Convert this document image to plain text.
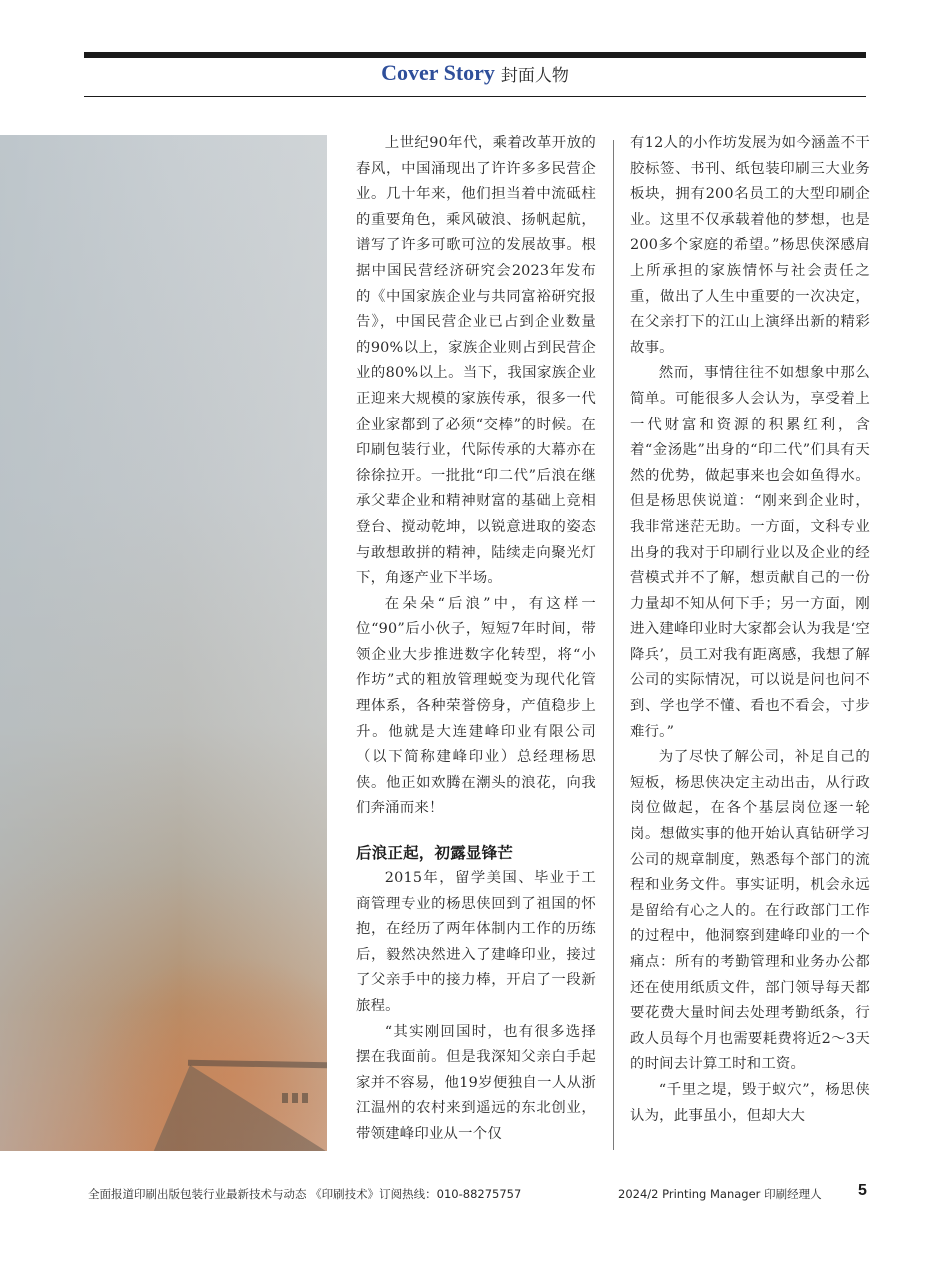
Cover Story 封面人物

上世纪90年代，乘着改革开放的春风，中国涌现出了许许多多民营企业。几十年来，他们担当着中流砥柱的重要角色，乘风破浪、扬帆起航，谱写了许多可歌可泣的发展故事。根据中国民营经济研究会2023年发布的《中国家族企业与共同富裕研究报告》，中国民营企业已占到企业数量的90%以上，家族企业则占到民营企业的80%以上。当下，我国家族企业正迎来大规模的家族传承，很多一代企业家都到了必须“交棒”的时候。在印刷包装行业，代际传承的大幕亦在徐徐拉开。一批批“印二代”后浪在继承父辈企业和精神财富的基础上竞相登台、搅动乾坤，以锐意进取的姿态与敢想敢拼的精神，陆续走向聚光灯下，角逐产业下半场。

在朵朵“后浪”中，有这样一位“90”后小伙子，短短7年时间，带领企业大步推进数字化转型，将“小作坊”式的粗放管理蜕变为现代化管理体系，各种荣誉傍身，产值稳步上升。他就是大连建峰印业有限公司（以下简称建峰印业）总经理杨思侠。他正如欢腾在潮头的浪花，向我们奔涌而来！

后浪正起，初露显锋芒

2015年，留学美国、毕业于工商管理专业的杨思侠回到了祖国的怀抱，在经历了两年体制内工作的历练后，毅然决然进入了建峰印业，接过了父亲手中的接力棒，开启了一段新旅程。

“其实刚回国时，也有很多选择摆在我面前。但是我深知父亲白手起家并不容易，他19岁便独自一人从浙江温州的农村来到遥远的东北创业，带领建峰印业从一个仅

有12人的小作坊发展为如今涵盖不干胶标签、书刊、纸包装印刷三大业务板块，拥有200名员工的大型印刷企业。这里不仅承载着他的梦想，也是200多个家庭的希望。”杨思侠深感肩上所承担的家族情怀与社会责任之重，做出了人生中重要的一次决定，在父亲打下的江山上演绎出新的精彩故事。

然而，事情往往不如想象中那么简单。可能很多人会认为，享受着上一代财富和资源的积累红利，含着“金汤匙”出身的“印二代”们具有天然的优势，做起事来也会如鱼得水。但是杨思侠说道：“刚来到企业时，我非常迷茫无助。一方面，文科专业出身的我对于印刷行业以及企业的经营模式并不了解，想贡献自己的一份力量却不知从何下手；另一方面，刚进入建峰印业时大家都会认为我是‘空降兵’，员工对我有距离感，我想了解公司的实际情况，可以说是问也问不到、学也学不懂、看也不看会，寸步难行。”

为了尽快了解公司，补足自己的短板，杨思侠决定主动出击，从行政岗位做起，在各个基层岗位逐一轮岗。想做实事的他开始认真钻研学习公司的规章制度，熟悉每个部门的流程和业务文件。事实证明，机会永远是留给有心之人的。在行政部门工作的过程中，他洞察到建峰印业的一个痛点：所有的考勤管理和业务办公都还在使用纸质文件，部门领导每天都要花费大量时间去处理考勤纸条，行政人员每个月也需要耗费将近2～3天的时间去计算工时和工资。

“千里之堤，毁于蚁穴”，杨思侠认为，此事虽小，但却大大

全面报道印刷出版包装行业最新技术与动态 《印刷技术》订阅热线：010-88275757	2024/2 Printing Manager 印刷经理人 5
